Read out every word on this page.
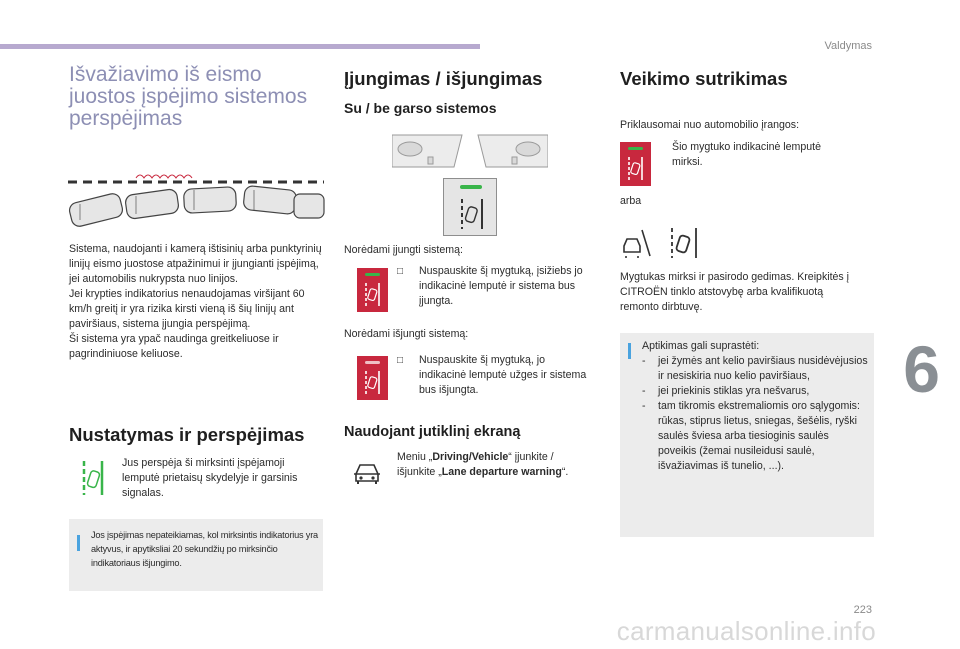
Valdymas
Išvažiavimo iš eismo juostos įspėjimo sistemos perspėjimas

Sistema, naudojanti i kamerą ištisinių arba punktyrinių linijų eismo juostose atpažinimui ir įjungianti įspėjimą, jei automobilis nukrypsta nuo linijos.
Jei krypties indikatorius nenaudojamas viršijant 60 km/h greitį ir yra rizika kirsti vieną iš šių linijų ant paviršiaus, sistema įjungia perspėjimą.
Ši sistema yra ypač naudinga greitkeliuose ir pagrindiniuose keliuose.

Nustatymas ir perspėjimas

Jus perspėja ši mirksinti įspėjamoji lemputė prietaisų skydelyje ir garsinis signalas.

Jos įspėjimas nepateikiamas, kol mirksintis indikatorius yra aktyvus, ir apytiksliai 20 sekundžių po mirksinčio indikatoriaus išjungimo.

Įjungimas / išjungimas
Su / be garso sistemos

Norėdami įjungti sistemą:

□ Nuspauskite šį mygtuką, įsižiebs jo indikacinė lemputė ir sistema bus įjungta.

Norėdami išjungti sistemą:

□ Nuspauskite šį mygtuką, jo indikacinė lemputė užges ir sistema bus išjungta.

Naudojant jutiklinį ekraną

Meniu „Driving/Vehicle“ įjunkite / išjunkite „Lane departure warning“.

Veikimo sutrikimas

Priklausomai nuo automobilio įrangos:

Šio mygtuko indikacinė lemputė mirksi.

arba

Mygtukas mirksi ir pasirodo gedimas. Kreipkitės į CITROËN tinklo atstovybę arba kvalifikuotą remonto dirbtuvę.

Aptikimas gali suprastėti:

- jei žymės ant kelio paviršiaus nusidėvėjusios ir nesiskiria nuo kelio paviršiaus,
- jei priekinis stiklas yra nešvarus,
- tam tikromis ekstremaliomis oro sąlygomis: rūkas, stiprus lietus, sniegas, šešėlis, ryški saulės šviesa arba tiesioginis saulės poveikis (žemai nusileidusi saulė, išvažiavimas iš tunelio, ...).
6
223
carmanualsonline.info
